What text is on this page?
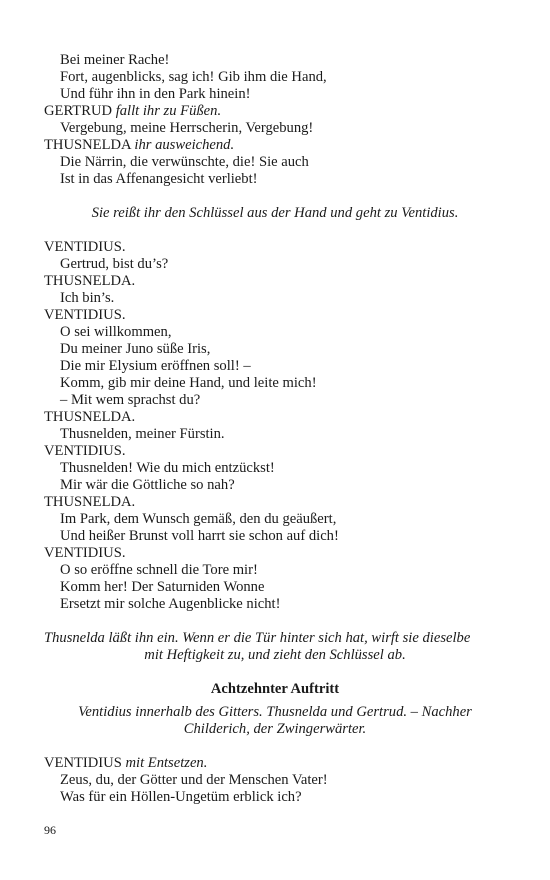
Bei meiner Rache!
Fort, augenblicks, sag ich! Gib ihm die Hand,
Und führ ihn in den Park hinein!
GERTRUD fallt ihr zu Füßen.
Vergebung, meine Herrscherin, Vergebung!
THUSNELDA ihr ausweichend.
Die Närrin, die verwünschte, die! Sie auch
Ist in das Affenangesicht verliebt!
Sie reißt ihr den Schlüssel aus der Hand und geht zu Ventidius.
VENTIDIUS.
Gertrud, bist du’s?
THUSNELDA.
Ich bin’s.
VENTIDIUS.
O sei willkommen,
Du meiner Juno süße Iris,
Die mir Elysium eröffnen soll! –
Komm, gib mir deine Hand, und leite mich!
– Mit wem sprachst du?
THUSNELDA.
Thusnelden, meiner Fürstin.
VENTIDIUS.
Thusnelden! Wie du mich entzückst!
Mir wär die Göttliche so nah?
THUSNELDA.
Im Park, dem Wunsch gemäß, den du geäußert,
Und heißer Brunst voll harrt sie schon auf dich!
VENTIDIUS.
O so eröffne schnell die Tore mir!
Komm her! Der Saturniden Wonne
Ersetzt mir solche Augenblicke nicht!
Thusnelda läßt ihn ein. Wenn er die Tür hinter sich hat, wirft sie dieselbe
mit Heftigkeit zu, und zieht den Schlüssel ab.
Achtzehnter Auftritt
Ventidius innerhalb des Gitters. Thusnelda und Gertrud. – Nachher
Childerich, der Zwingerwärter.
VENTIDIUS mit Entsetzen.
Zeus, du, der Götter und der Menschen Vater!
Was für ein Höllen-Ungetüm erblick ich?
96
